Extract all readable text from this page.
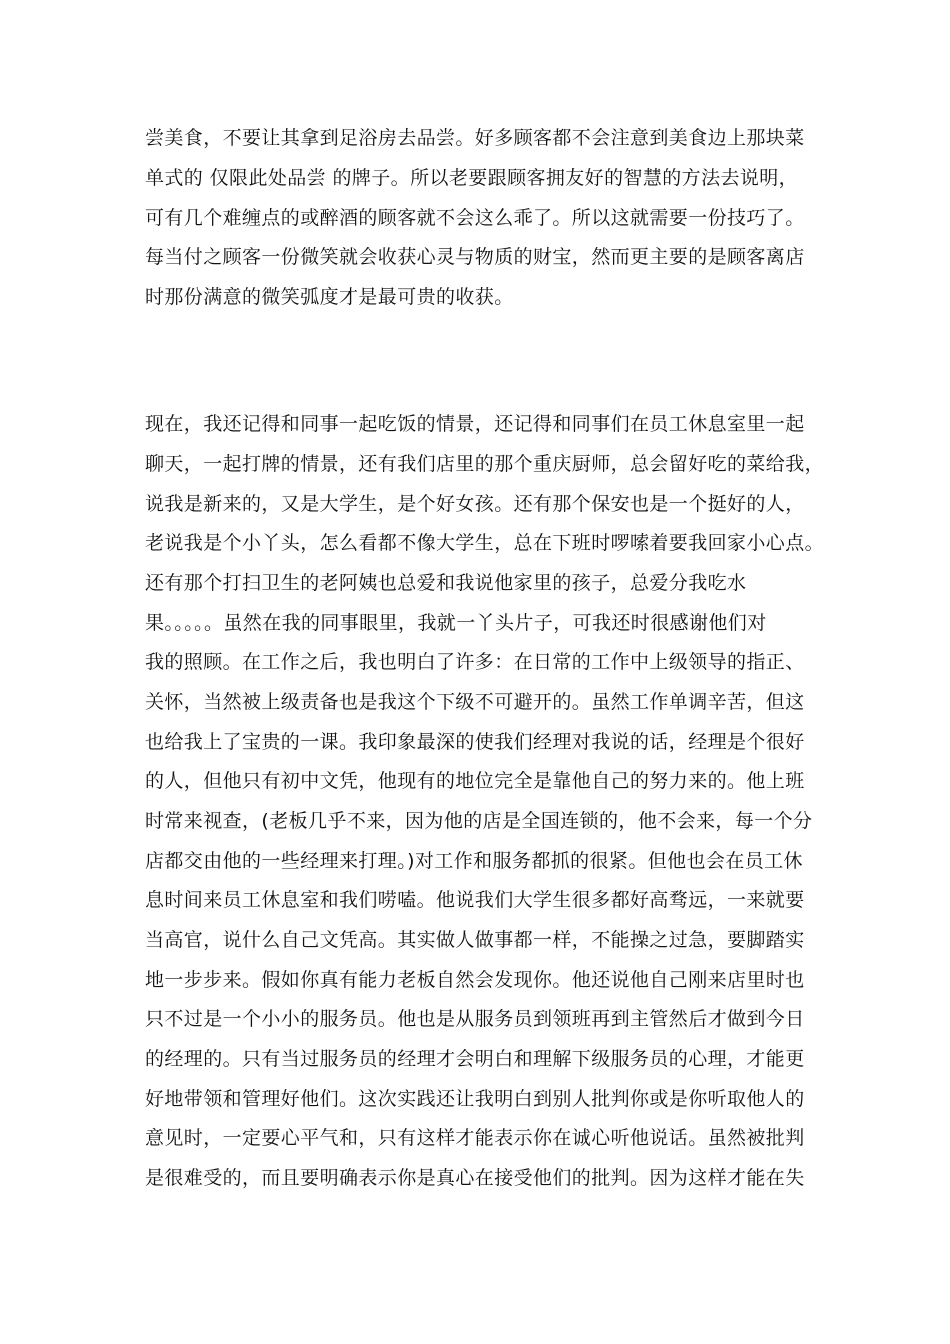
尝美食，不要让其拿到足浴房去品尝。好多顾客都不会注意到美食边上那块菜
单式的 仅限此处品尝 的牌子。所以老要跟顾客拥友好的智慧的方法去说明，
可有几个难缠点的或醉酒的顾客就不会这么乖了。所以这就需要一份技巧了。
每当付之顾客一份微笑就会收获心灵与物质的财宝，然而更主要的是顾客离店
时那份满意的微笑弧度才是最可贵的收获。
现在，我还记得和同事一起吃饭的情景，还记得和同事们在员工休息室里一起
聊天，一起打牌的情景，还有我们店里的那个重庆厨师，总会留好吃的菜给我，
说我是新来的，又是大学生，是个好女孩。还有那个保安也是一个挺好的人，
老说我是个小丫头，怎么看都不像大学生，总在下班时啰嗦着要我回家小心点。
还有那个打扫卫生的老阿姨也总爱和我说他家里的孩子，总爱分我吃水
果。。。。。虽然在我的同事眼里，我就一丫头片子，可我还时很感谢他们对
我的照顾。在工作之后，我也明白了许多：在日常的工作中上级领导的指正、
关怀，当然被上级责备也是我这个下级不可避开的。虽然工作单调辛苦，但这
也给我上了宝贵的一课。我印象最深的使我们经理对我说的话，经理是个很好
的人，但他只有初中文凭，他现有的地位完全是靠他自己的努力来的。他上班
时常来视查，(老板几乎不来，因为他的店是全国连锁的，他不会来，每一个分
店都交由他的一些经理来打理。)对工作和服务都抓的很紧。但他也会在员工休
息时间来员工休息室和我们唠嗑。他说我们大学生很多都好高骛远，一来就要
当高官，说什么自己文凭高。其实做人做事都一样，不能操之过急，要脚踏实
地一步步来。假如你真有能力老板自然会发现你。他还说他自己刚来店里时也
只不过是一个小小的服务员。他也是从服务员到领班再到主管然后才做到今日
的经理的。只有当过服务员的经理才会明白和理解下级服务员的心理，才能更
好地带领和管理好他们。这次实践还让我明白到别人批判你或是你听取他人的
意见时，一定要心平气和，只有这样才能表示你在诚心听他说话。虽然被批判
是很难受的，而且要明确表示你是真心在接受他们的批判。因为这样才能在失
